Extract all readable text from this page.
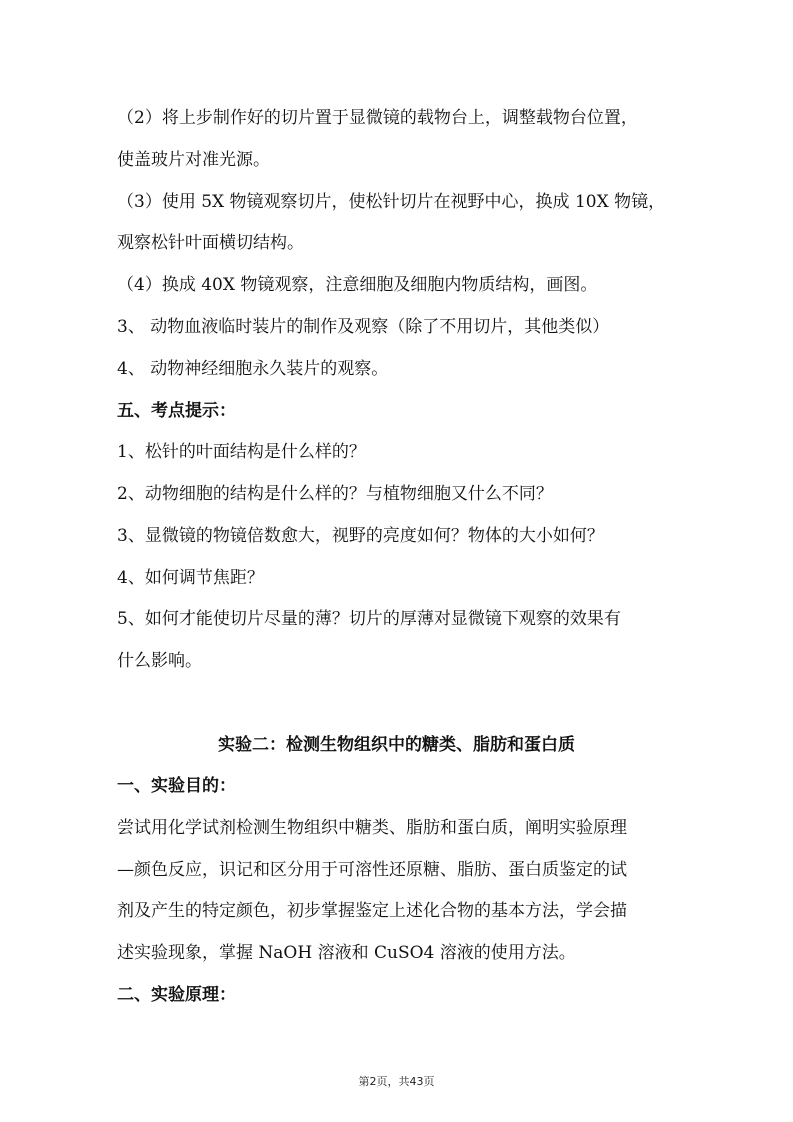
（2）将上步制作好的切片置于显微镜的载物台上，调整载物台位置，
使盖玻片对准光源。
（3）使用 5X 物镜观察切片，使松针切片在视野中心，换成 10X 物镜，
观察松针叶面横切结构。
（4）换成 40X 物镜观察，注意细胞及细胞内物质结构，画图。
3、 动物血液临时装片的制作及观察（除了不用切片，其他类似）
4、 动物神经细胞永久装片的观察。
五、考点提示：
1、松针的叶面结构是什么样的？
2、动物细胞的结构是什么样的？与植物细胞又什么不同？
3、显微镜的物镜倍数愈大，视野的亮度如何？物体的大小如何？
4、如何调节焦距？
5、如何才能使切片尽量的薄？切片的厚薄对显微镜下观察的效果有
什么影响。
实验二：检测生物组织中的糖类、脂肪和蛋白质
一、实验目的：
尝试用化学试剂检测生物组织中糖类、脂肪和蛋白质，阐明实验原理
—颜色反应，识记和区分用于可溶性还原糖、脂肪、蛋白质鉴定的试
剂及产生的特定颜色，初步掌握鉴定上述化合物的基本方法，学会描
述实验现象，掌握 NaOH 溶液和 CuSO4 溶液的使用方法。
二、实验原理：
第2页，共43页
